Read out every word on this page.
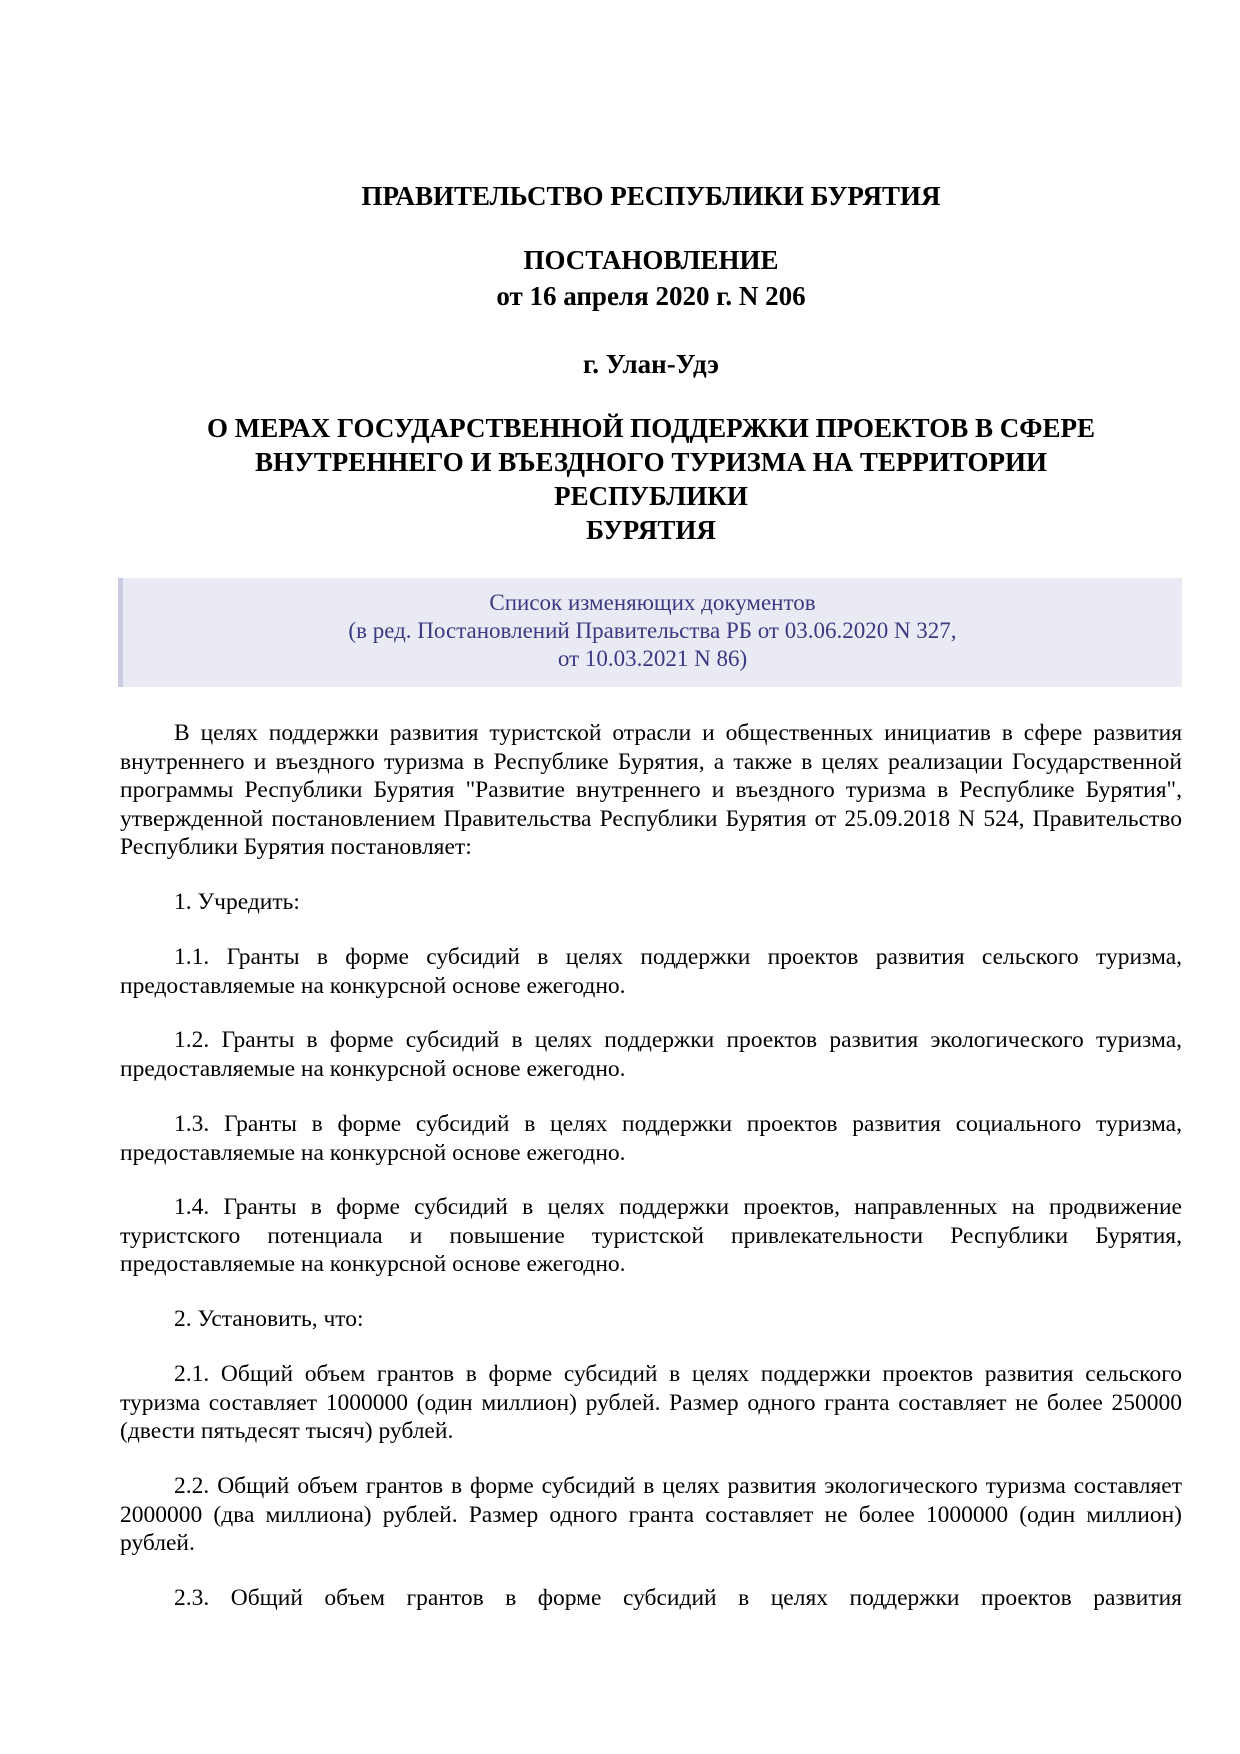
ПРАВИТЕЛЬСТВО РЕСПУБЛИКИ БУРЯТИЯ
ПОСТАНОВЛЕНИЕ
от 16 апреля 2020 г. N 206
г. Улан-Удэ
О МЕРАХ ГОСУДАРСТВЕННОЙ ПОДДЕРЖКИ ПРОЕКТОВ В СФЕРЕ
ВНУТРЕННЕГО И ВЪЕЗДНОГО ТУРИЗМА НА ТЕРРИТОРИИ
РЕСПУБЛИКИ
БУРЯТИЯ
Список изменяющих документов
(в ред. Постановлений Правительства РБ от 03.06.2020 N 327,
от 10.03.2021 N 86)

В целях поддержки развития туристской отрасли и общественных инициатив в сфере развития внутреннего и въездного туризма в Республике Бурятия, а также в целях реализации Государственной программы Республики Бурятия "Развитие внутреннего и въездного туризма в Республике Бурятия", утвержденной постановлением Правительства Республики Бурятия от 25.09.2018 N 524, Правительство Республики Бурятия постановляет:

1. Учредить:

1.1. Гранты в форме субсидий в целях поддержки проектов развития сельского туризма, предоставляемые на конкурсной основе ежегодно.

1.2. Гранты в форме субсидий в целях поддержки проектов развития экологического туризма, предоставляемые на конкурсной основе ежегодно.

1.3. Гранты в форме субсидий в целях поддержки проектов развития социального туризма, предоставляемые на конкурсной основе ежегодно.

1.4. Гранты в форме субсидий в целях поддержки проектов, направленных на продвижение туристского потенциала и повышение туристской привлекательности Республики Бурятия, предоставляемые на конкурсной основе ежегодно.

2. Установить, что:

2.1. Общий объем грантов в форме субсидий в целях поддержки проектов развития сельского туризма составляет 1000000 (один миллион) рублей. Размер одного гранта составляет не более 250000 (двести пятьдесят тысяч) рублей.

2.2. Общий объем грантов в форме субсидий в целях развития экологического туризма составляет 2000000 (два миллиона) рублей. Размер одного гранта составляет не более 1000000 (один миллион) рублей.

2.3. Общий объем грантов в форме субсидий в целях поддержки проектов развития
